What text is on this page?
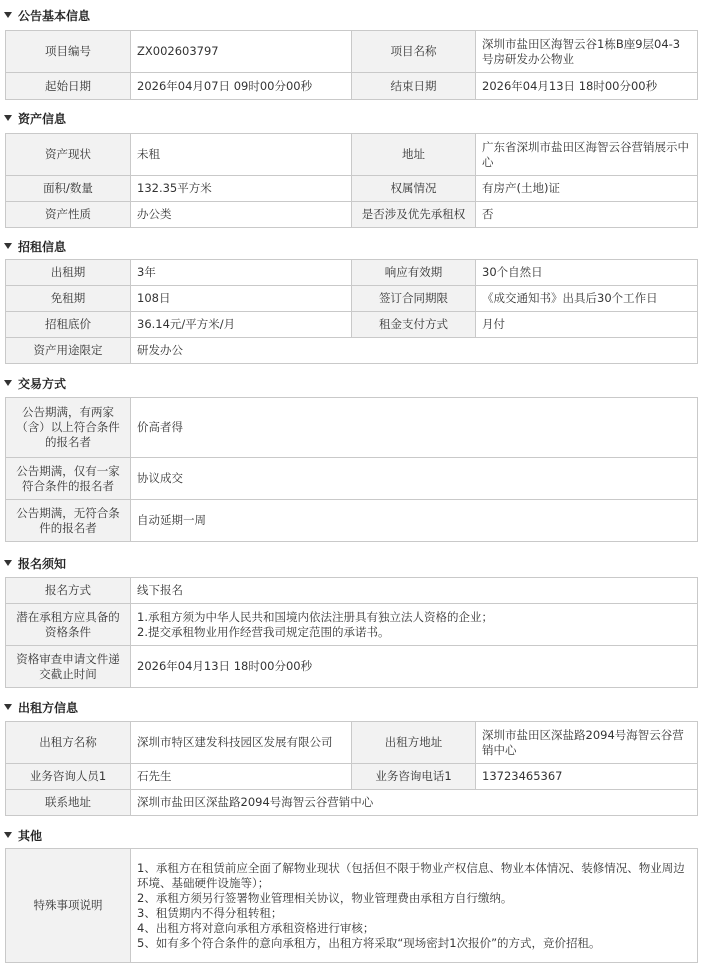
公告基本信息
项目编号	ZX002603797	项目名称	深圳市盐田区海智云谷1栋B座9层04-3号房研发办公物业
起始日期	2026年04月07日 09时00分00秒	结束日期	2026年04月13日 18时00分00秒
资产信息
资产现状	未租	地址	广东省深圳市盐田区海智云谷营销展示中心
面积/数量	132.35平方米	权属情况	有房产(土地)证
资产性质	办公类	是否涉及优先承租权	否
招租信息
出租期	3年	响应有效期	30个自然日
免租期	108日	签订合同期限	《成交通知书》出具后30个工作日
招租底价	36.14元/平方米/月	租金支付方式	月付
资产用途限定	研发办公		
交易方式
公告期满，有两家（含）以上符合条件的报名者	价高者得
公告期满，仅有一家符合条件的报名者	协议成交
公告期满，无符合条件的报名者	自动延期一周
报名须知
报名方式	线下报名
潜在承租方应具备的资格条件	1.承租方须为中华人民共和国境内依法注册具有独立法人资格的企业；
2.提交承租物业用作经营我司规定范围的承诺书。

资格审查申请文件递交截止时间	2026年04月13日 18时00分00秒
出租方信息
出租方名称	深圳市特区建发科技园区发展有限公司	出租方地址	深圳市盐田区深盐路2094号海智云谷营销中心
业务咨询人员1	石先生	业务咨询电话1	13723465367
联系地址	深圳市盐田区深盐路2094号海智云谷营销中心		
其他
特殊事项说明	
1、承租方在租赁前应全面了解物业现状（包括但不限于物业产权信息、物业本体情况、装修情况、物业周边环境、基础硬件设施等）；
2、承租方须另行签署物业管理相关协议，物业管理费由承租方自行缴纳。
3、租赁期内不得分租转租；
4、出租方将对意向承租方承租资格进行审核；
5、如有多个符合条件的意向承租方，出租方将采取“现场密封1次报价”的方式，竞价招租。
